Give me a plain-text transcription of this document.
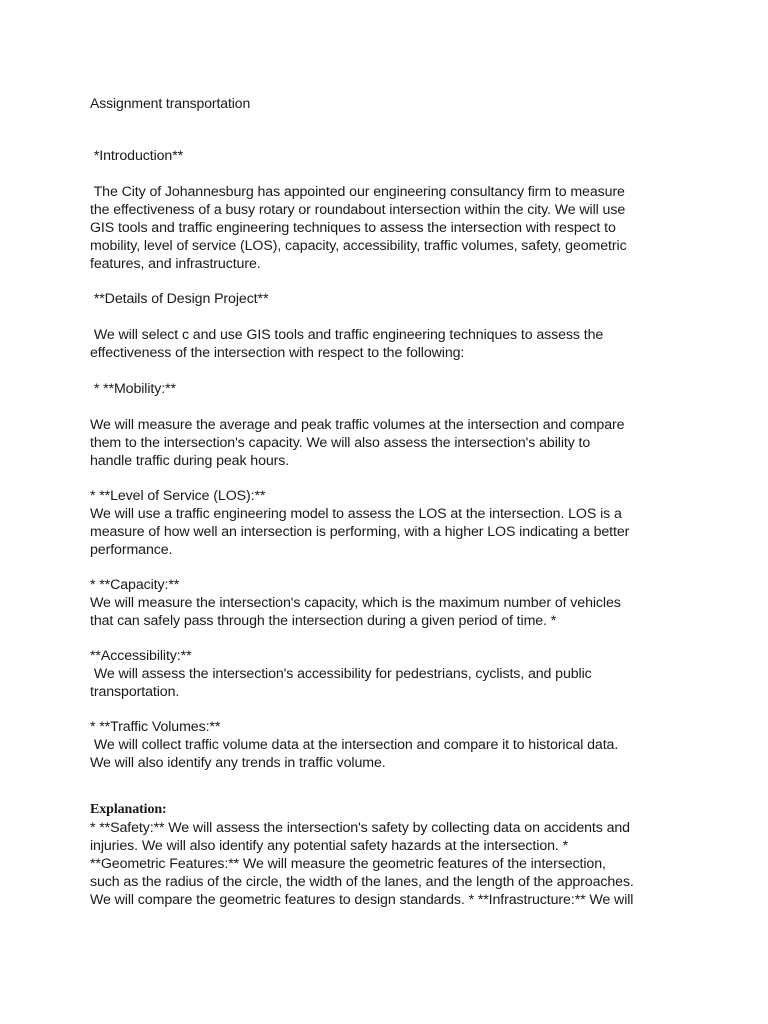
Assignment transportation

*Introduction**

The City of Johannesburg has appointed our engineering consultancy firm to measure

the effectiveness of a busy rotary or roundabout intersection within the city. We will use

GIS tools and traffic engineering techniques to assess the intersection with respect to

mobility, level of service (LOS), capacity, accessibility, traffic volumes, safety, geometric

features, and infrastructure.

**Details of Design Project**

We will select c and use GIS tools and traffic engineering techniques to assess the

effectiveness of the intersection with respect to the following:

* **Mobility:**

We will measure the average and peak traffic volumes at the intersection and compare

them to the intersection's capacity. We will also assess the intersection's ability to

handle traffic during peak hours.

* **Level of Service (LOS):**

We will use a traffic engineering model to assess the LOS at the intersection. LOS is a

measure of how well an intersection is performing, with a higher LOS indicating a better

performance.

* **Capacity:**

We will measure the intersection's capacity, which is the maximum number of vehicles

that can safely pass through the intersection during a given period of time. *

**Accessibility:**

We will assess the intersection's accessibility for pedestrians, cyclists, and public

transportation.

* **Traffic Volumes:**

We will collect traffic volume data at the intersection and compare it to historical data.

We will also identify any trends in traffic volume.

Explanation:

* **Safety:** We will assess the intersection's safety by collecting data on accidents and

injuries. We will also identify any potential safety hazards at the intersection. *

**Geometric Features:** We will measure the geometric features of the intersection,

such as the radius of the circle, the width of the lanes, and the length of the approaches.

We will compare the geometric features to design standards. * **Infrastructure:** We will
